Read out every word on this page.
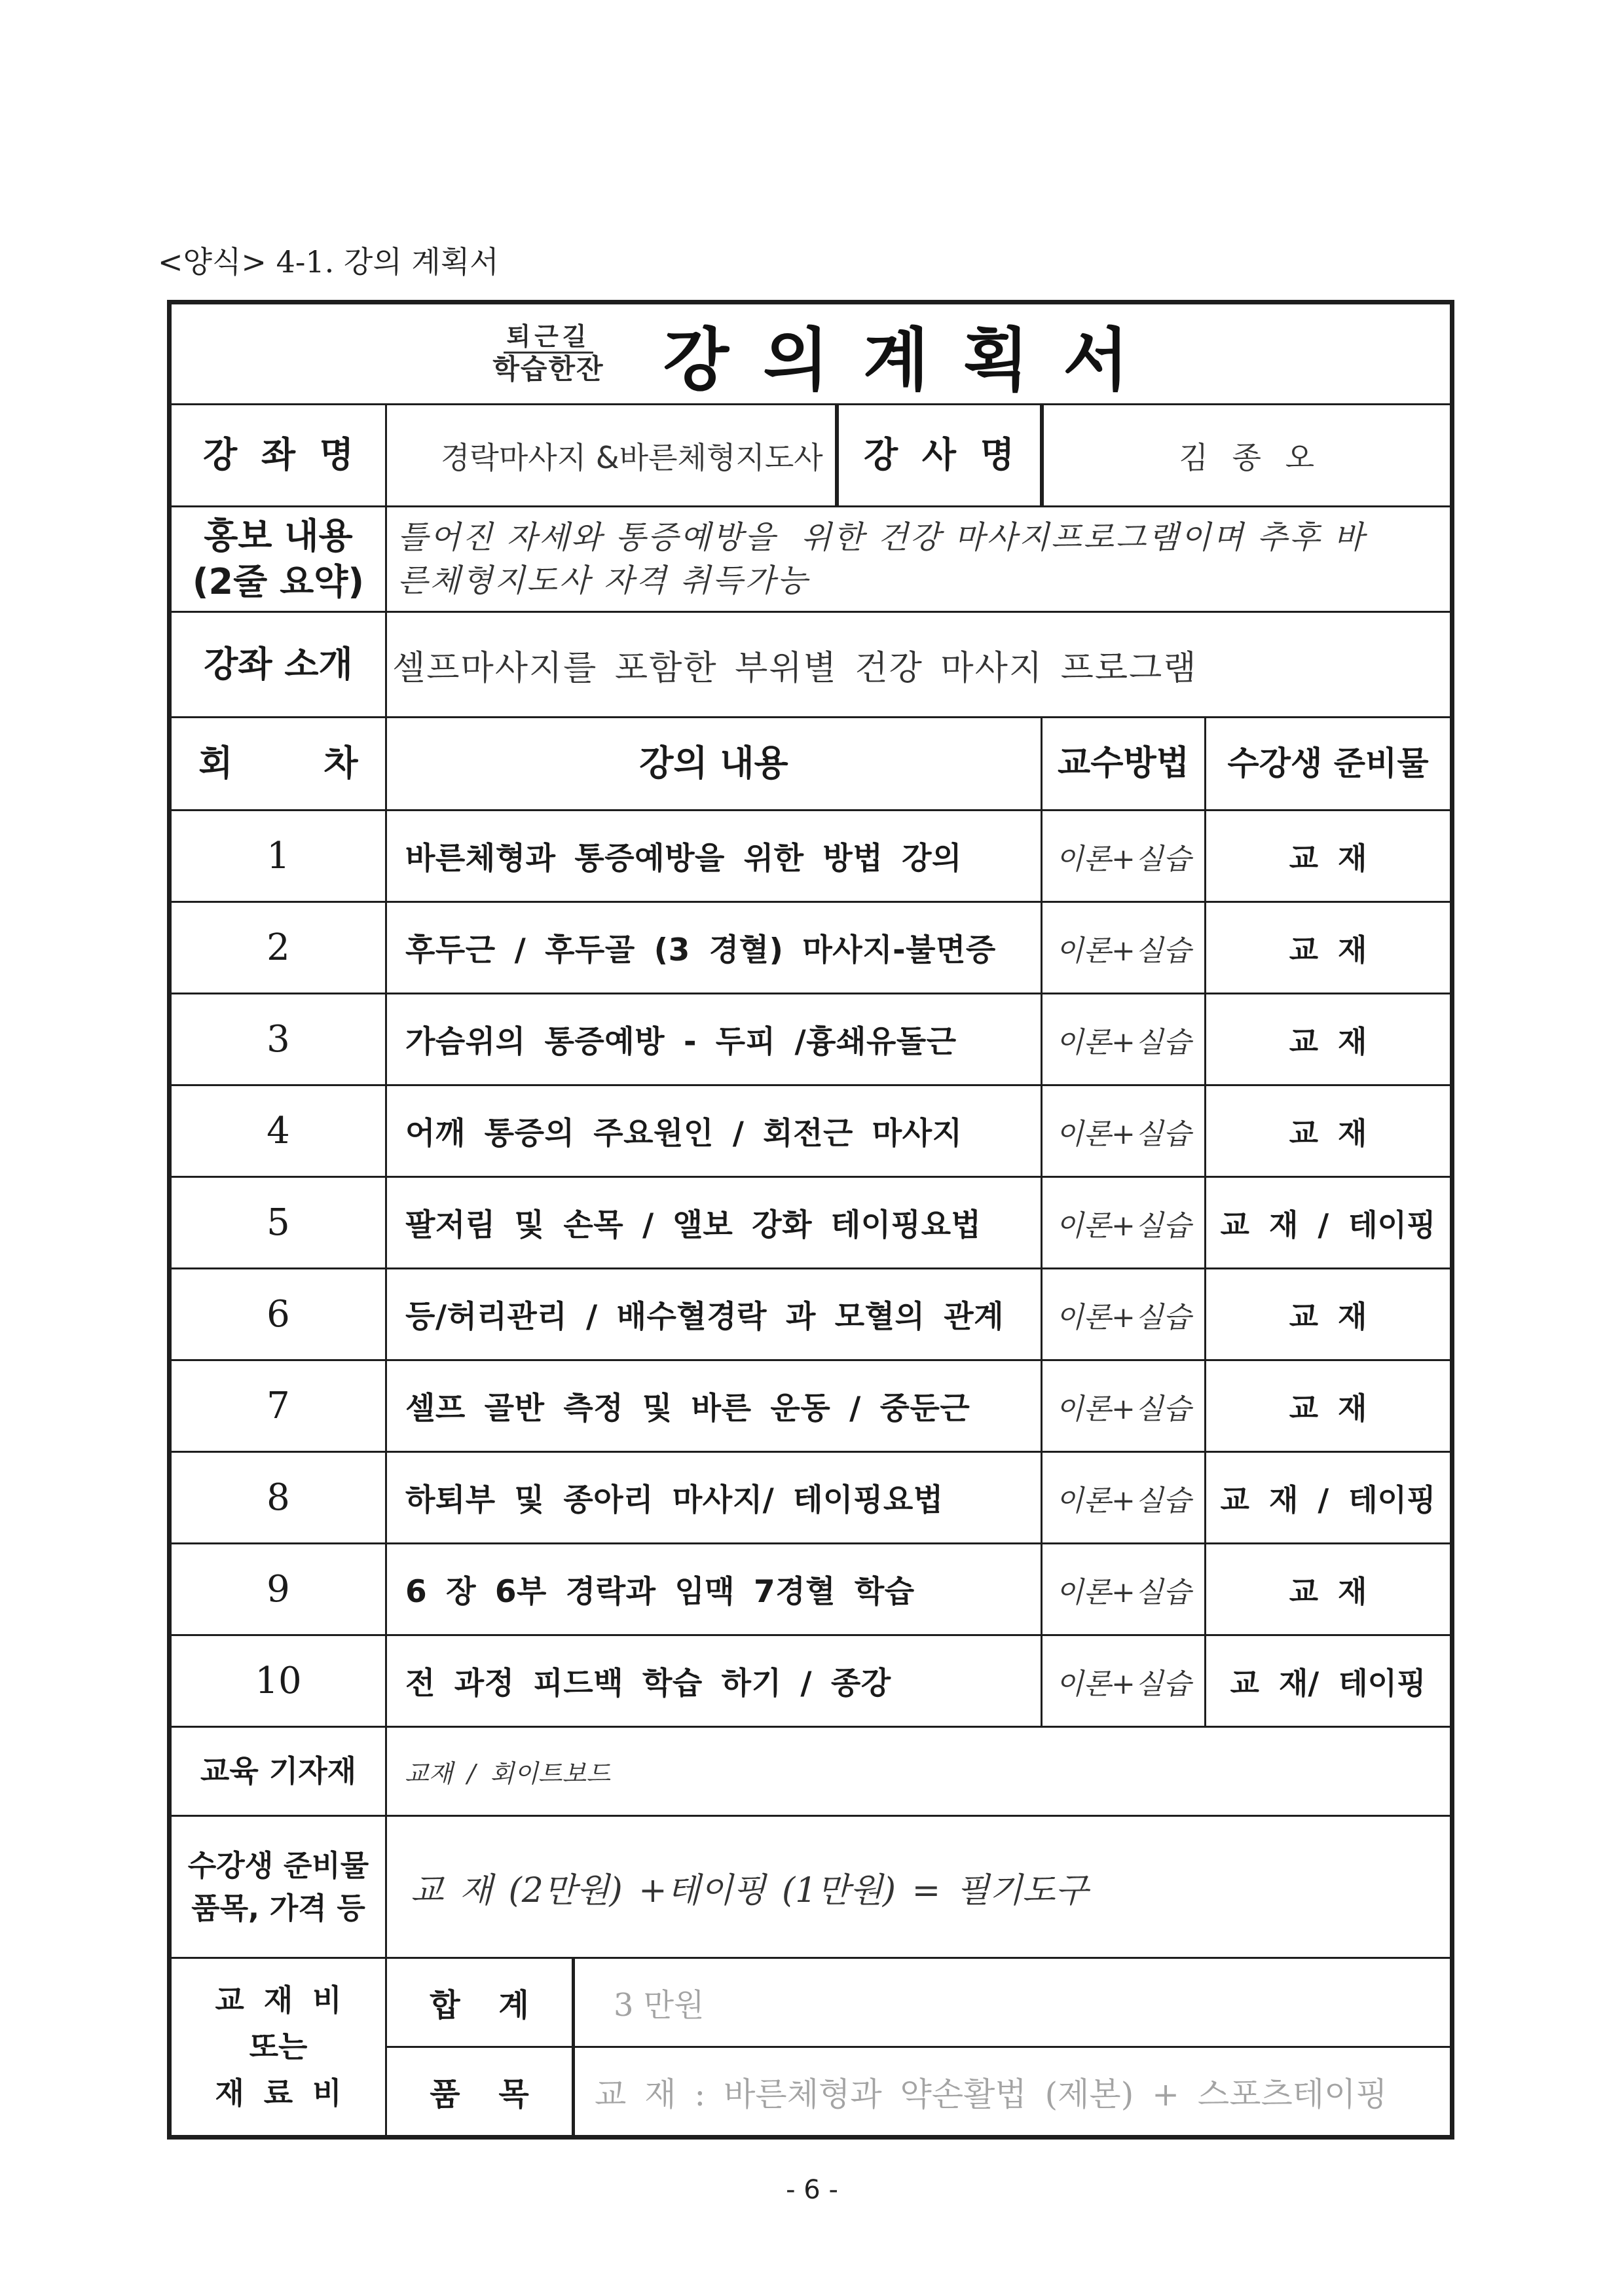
<양식> 4-1. 강의 계획서
퇴근길
학습한잔 강 의 계 획 서					

강 좌 명	경락마사지 &바른체형지도사		강 사 명	김 종 오	

홍보 내용
(2줄 요약)	틀어진 자세와 통증예방을  위한 건강 마사지프로그램이며 추후 바
른체형지도사 자격 취득가능				

강좌 소개	셀프마사지를 포함한 부위별 건강 마사지 프로그램				
회 차	강의 내용			교수방법	수강생 준비물
1	바른체형과 통증예방을 위한 방법 강의			이론+실습	교 재
2	후두근 / 후두골 (3 경혈) 마사지-불면증			이론+실습	교 재
3	가슴위의 통증예방 - 두피 /흉쇄유돌근			이론+실습	교 재
4	어깨 통증의 주요원인 / 회전근 마사지			이론+실습	교 재
5	팔저림 및 손목 / 앨보 강화 테이핑요법			이론+실습	교 재 / 테이핑
6	등/허리관리 / 배수혈경락 과 모혈의 관계			이론+실습	교 재
7	셀프 골반 측정 및 바른 운동 / 중둔근			이론+실습	교 재
8	하퇴부 및 종아리 마사지/ 테이핑요법			이론+실습	교 재 / 테이핑
9	6 장 6부 경락과 임맥 7경혈 학습			이론+실습	교 재
10	전 과정 피드백 학습 하기 / 종강			이론+실습	교 재/ 테이핑
교육 기자재	교재 / 회이트보드				

수강생 준비물
품목, 가격 등	교 재 (2만원) +테이핑 (1만원) = 필기도구				

교 재 비
또는
재 료 비	합 계	3 만원			
	품 목	교 재 : 바른체형과 약손활법 (제본) + 스포츠테이핑			
- 6 -
